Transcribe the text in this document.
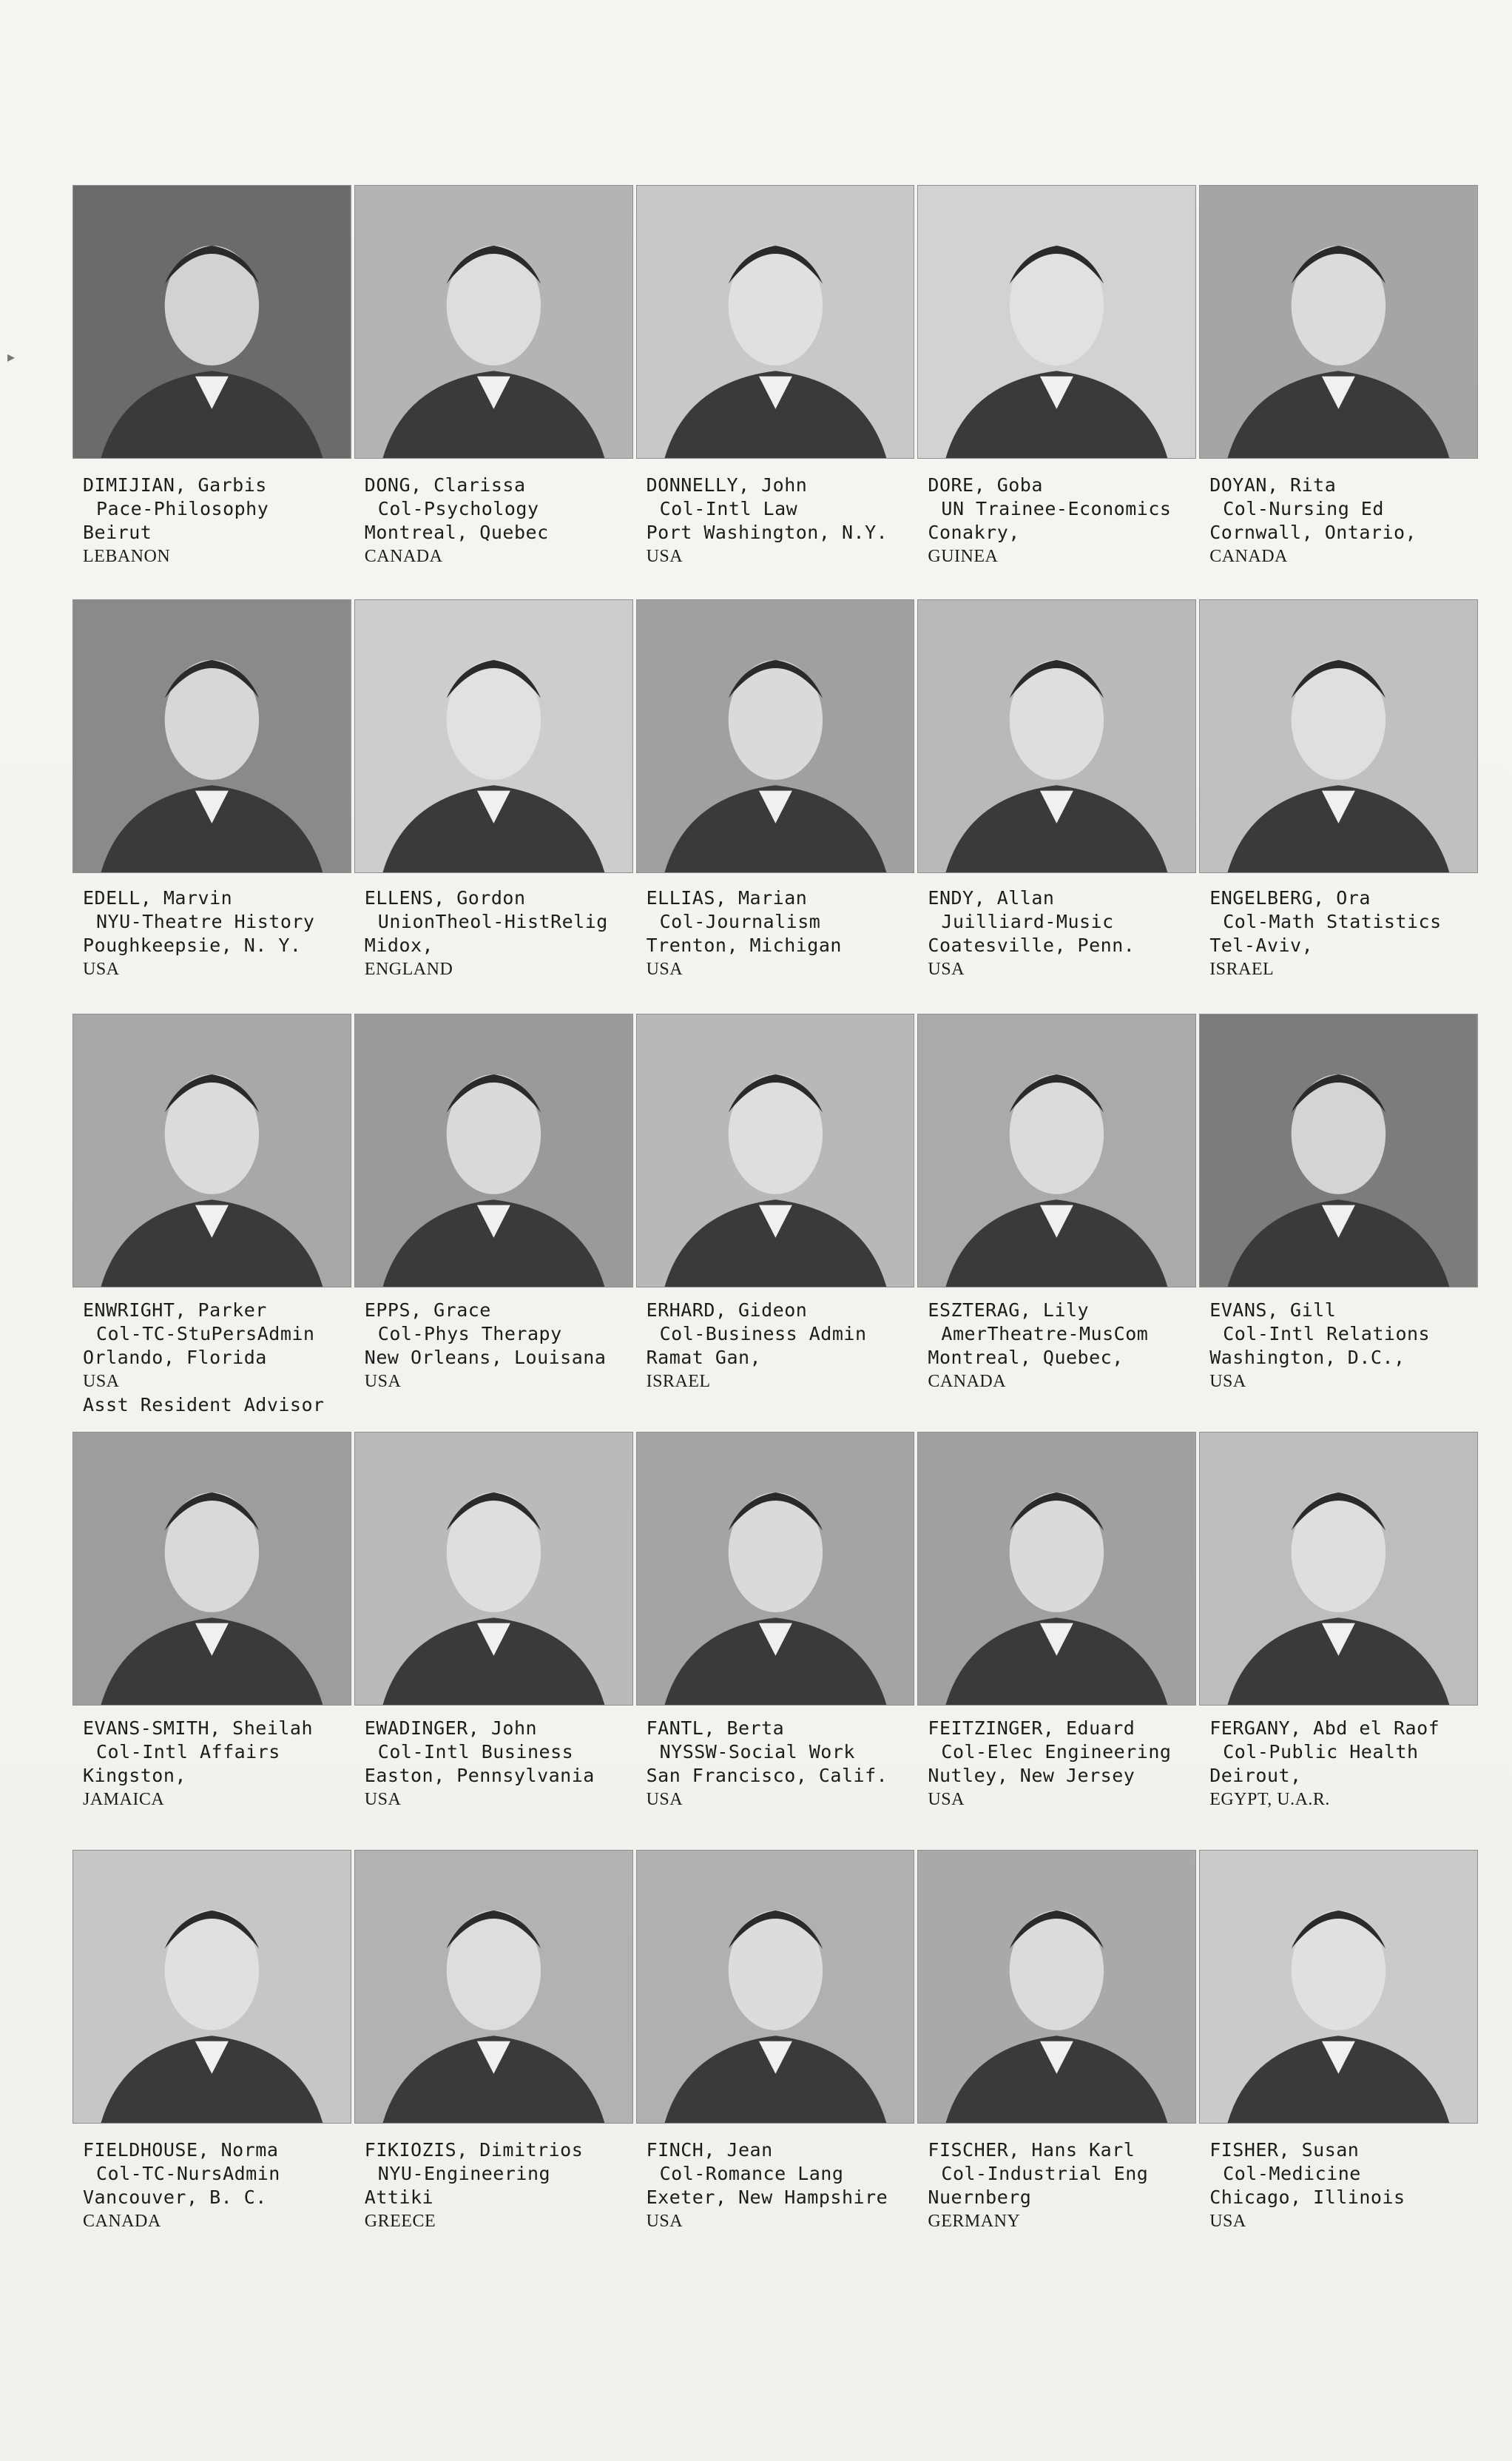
▸
DIMIJIAN, Garbis
Pace-Philosophy
Beirut
LEBANON
DONG, Clarissa
Col-Psychology
Montreal, Quebec
CANADA
DONNELLY, John
Col-Intl Law
Port Washington, N.Y.
USA
DORE, Goba
UN Trainee-Economics
Conakry,
GUINEA
DOYAN, Rita
Col-Nursing Ed
Cornwall, Ontario,
CANADA
EDELL, Marvin
NYU-Theatre History
Poughkeepsie, N. Y.
USA
ELLENS, Gordon
UnionTheol-HistRelig
Midox,
ENGLAND
ELLIAS, Marian
Col-Journalism
Trenton, Michigan
USA
ENDY, Allan
Juilliard-Music
Coatesville, Penn.
USA
ENGELBERG, Ora
Col-Math Statistics
Tel-Aviv,
ISRAEL
ENWRIGHT, Parker
Col-TC-StuPersAdmin
Orlando, Florida
USA
Asst Resident Advisor
EPPS, Grace
Col-Phys Therapy
New Orleans, Louisana
USA
ERHARD, Gideon
Col-Business Admin
Ramat Gan,
ISRAEL
ESZTERAG, Lily
AmerTheatre-MusCom
Montreal, Quebec,
CANADA
EVANS, Gill
Col-Intl Relations
Washington, D.C.,
USA
EVANS-SMITH, Sheilah
Col-Intl Affairs
Kingston,
JAMAICA
EWADINGER, John
Col-Intl Business
Easton, Pennsylvania
USA
FANTL, Berta
NYSSW-Social Work
San Francisco, Calif.
USA
FEITZINGER, Eduard
Col-Elec Engineering
Nutley, New Jersey
USA
FERGANY, Abd el Raof
Col-Public Health
Deirout,
EGYPT, U.A.R.
FIELDHOUSE, Norma
Col-TC-NursAdmin
Vancouver, B. C.
CANADA
FIKIOZIS, Dimitrios
NYU-Engineering
Attiki
GREECE
FINCH, Jean
Col-Romance Lang
Exeter, New Hampshire
USA
FISCHER, Hans Karl
Col-Industrial Eng
Nuernberg
GERMANY
FISHER, Susan
Col-Medicine
Chicago, Illinois
USA
